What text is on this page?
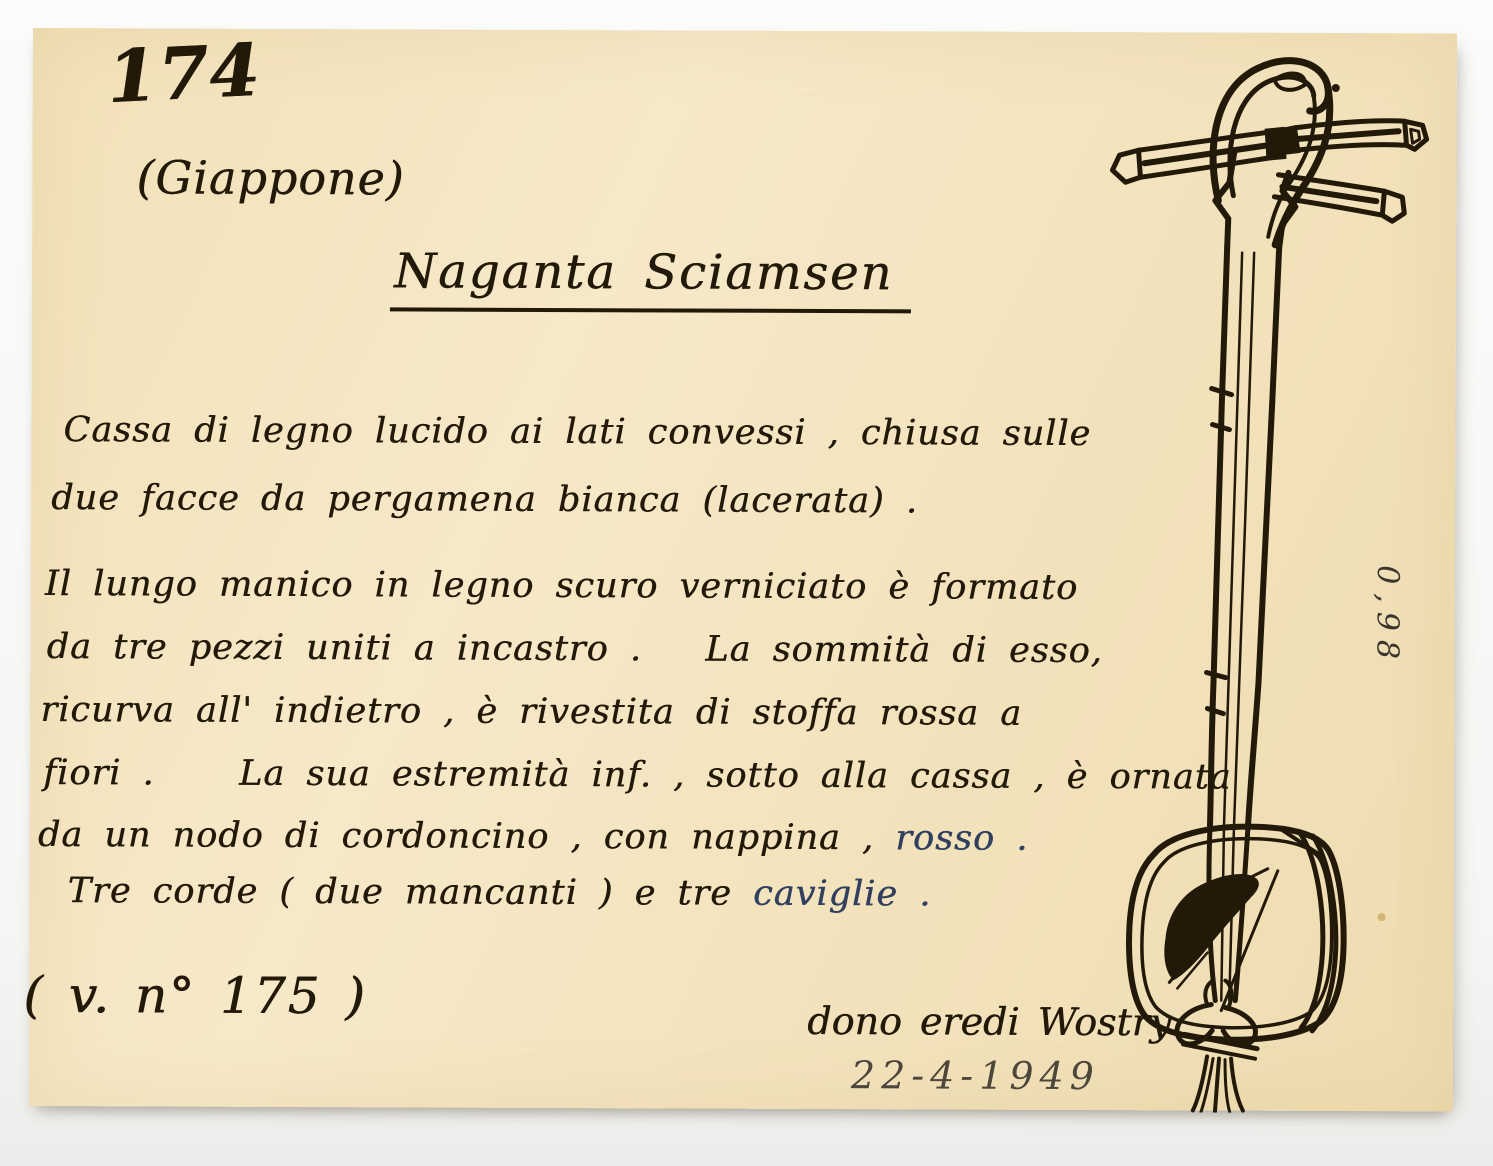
174
(Giappone)
Naganta Sciamsen
Cassa di legno lucido ai lati convessi , chiusa sulle
due facce da pergamena bianca (lacerata) .
Il lungo manico in legno scuro verniciato è formato
da tre pezzi uniti a incastro .   La sommità di esso,
ricurva all' indietro , è rivestita di stoffa rossa a
fiori .    La sua estremità inf. , sotto alla cassa , è ornata
da un nodo di cordoncino , con nappina , rosso .
Tre corde ( due mancanti ) e tre caviglie .
( v. n° 175 )	dono eredi Wostry
22-4-1949
0,98
